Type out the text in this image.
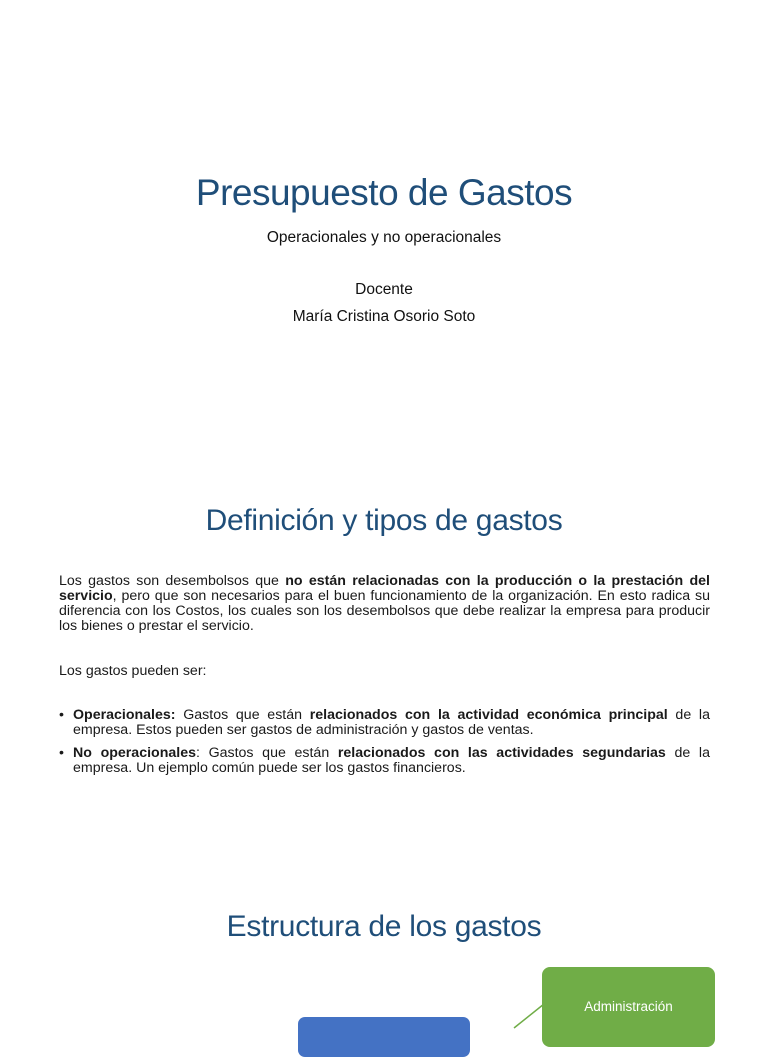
Presupuesto de Gastos
Operacionales y no operacionales
Docente
María Cristina Osorio Soto
Definición y tipos de gastos

Los gastos son desembolsos que no están relacionadas con la producción o la prestación del servicio, pero que son necesarios para el buen funcionamiento de la organización. En esto radica su diferencia con los Costos, los cuales son los desembolsos que debe realizar la empresa para producir los bienes o prestar el servicio.

Los gastos pueden ser:

• Operacionales: Gastos que están relacionados con la actividad económica principal de la empresa. Estos pueden ser gastos de administración y gastos de ventas.
• No operacionales: Gastos que están relacionados con las actividades segundarias de la empresa. Un ejemplo común puede ser los gastos financieros.
Estructura de los gastos
Administración
